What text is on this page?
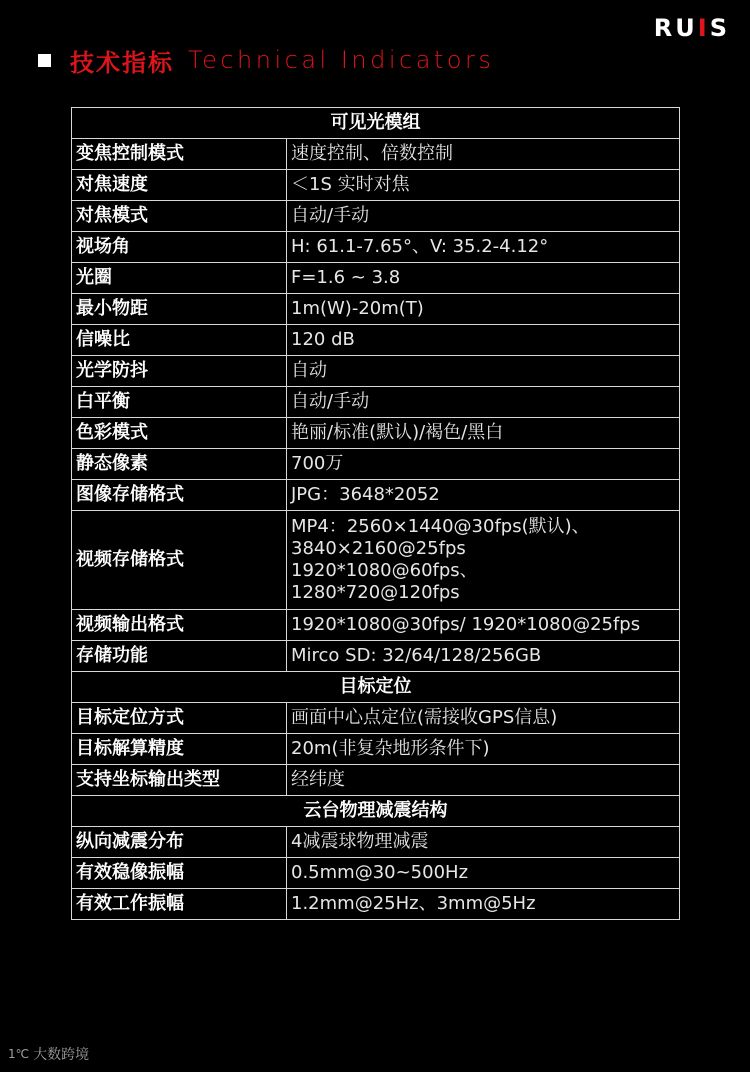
RUIS
技术指标 Technical Indicators
可见光模组	
变焦控制模式	速度控制、倍数控制
对焦速度	＜1S 实时对焦
对焦模式	自动/手动
视场角	H: 61.1-7.65°、V: 35.2-4.12°
光圈	F=1.6 ~ 3.8
最小物距	1m(W)-20m(T)
信噪比	120 dB
光学防抖	自动
白平衡	自动/手动
色彩模式	艳丽/标准(默认)/褐色/黑白
静态像素	700万
图像存储格式	JPG：3648*2052
视频存储格式	MP4：2560×1440@30fps(默认)、
3840×2160@25fps
1920*1080@60fps、
1280*720@120fps

视频输出格式	1920*1080@30fps/ 1920*1080@25fps
存储功能	Mirco SD: 32/64/128/256GB
目标定位	
目标定位方式	画面中心点定位(需接收GPS信息)
目标解算精度	20m(非复杂地形条件下)
支持坐标输出类型	经纬度
云台物理减震结构	
纵向减震分布	4减震球物理减震
有效稳像振幅	0.5mm@30~500Hz
有效工作振幅	1.2mm@25Hz、3mm@5Hz
1℃ 大数跨境
